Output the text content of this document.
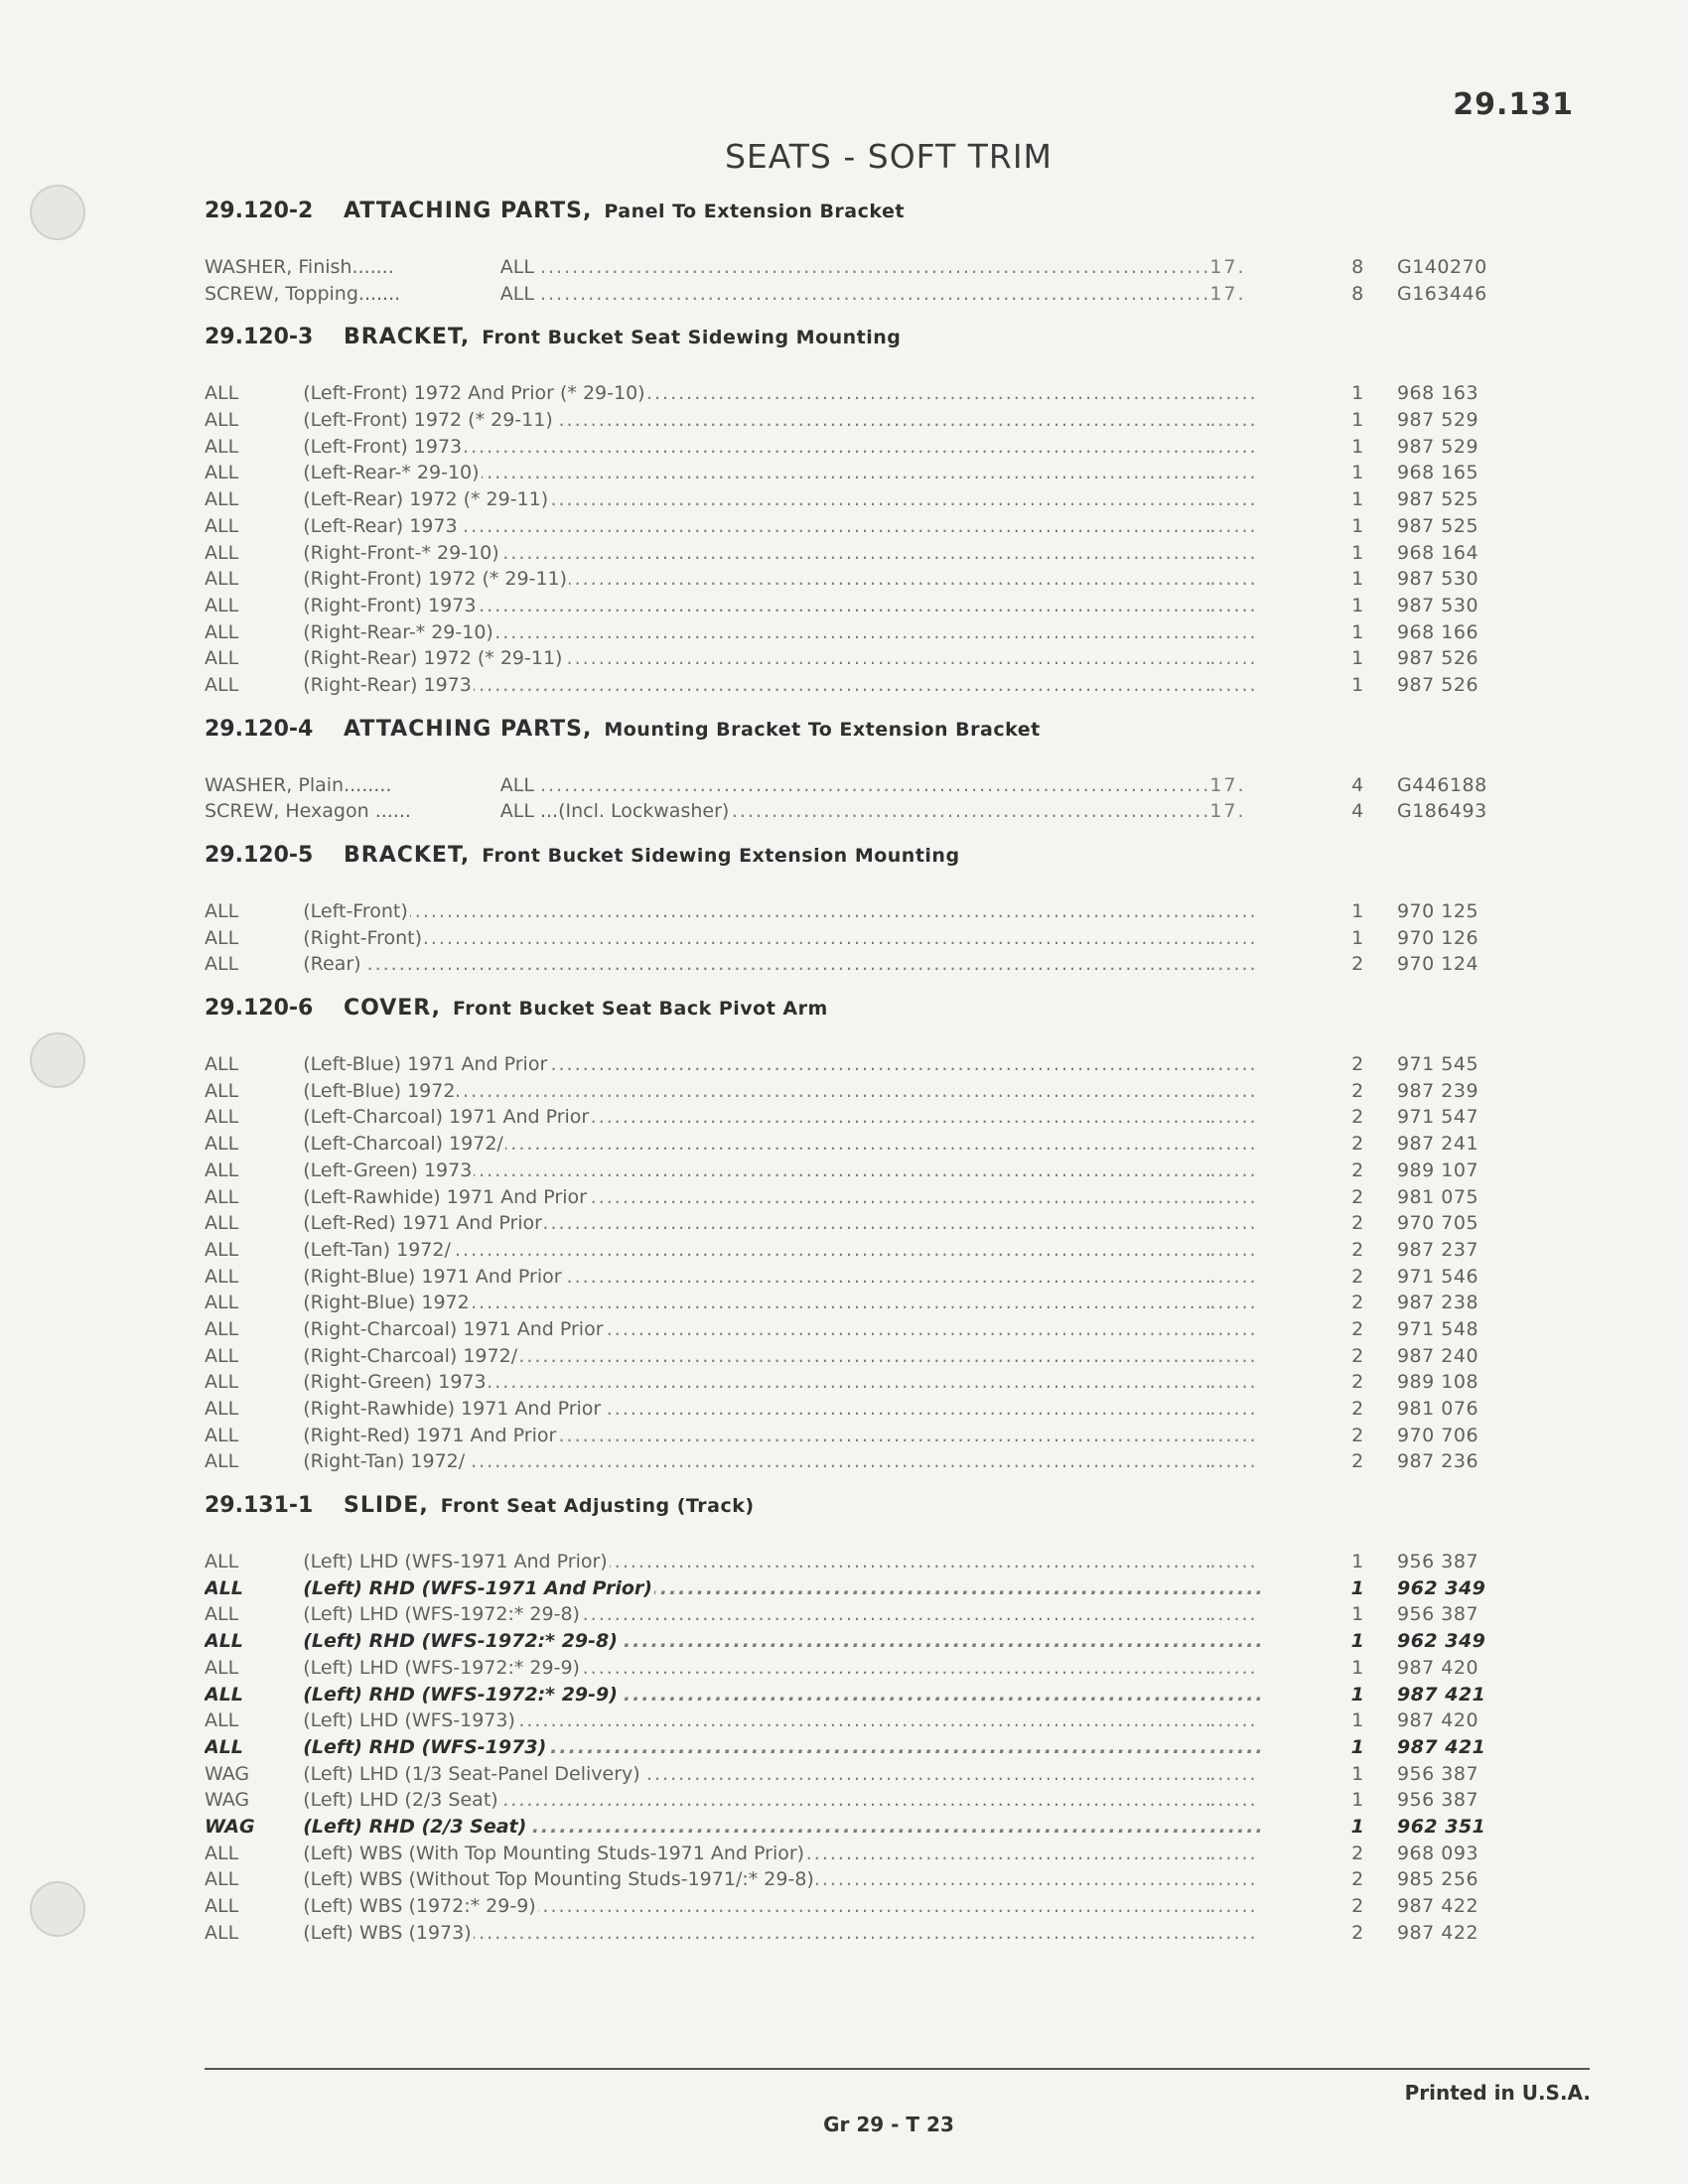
29.131
SEATS - SOFT TRIM
29.120-2	ATTACHING PARTS, Panel To Extension Bracket
WASHER, Finish.......	ALL .....	17.	8	G140270
SCREW, Topping.......	ALL .....	17.	8	G163446
29.120-3	BRACKET, Front Bucket Seat Sidewing Mounting
ALL	(Left-Front) 1972 And Prior (* 29-10) .....	......	1	968 163
ALL	(Left-Front) 1972 (* 29-11) .....	......	1	987 529
ALL	(Left-Front) 1973 .....	......	1	987 529
ALL	(Left-Rear-* 29-10) .....	......	1	968 165
ALL	(Left-Rear) 1972 (* 29-11) .....	......	1	987 525
ALL	(Left-Rear) 1973 .....	......	1	987 525
ALL	(Right-Front-* 29-10) .....	......	1	968 164
ALL	(Right-Front) 1972 (* 29-11) .....	......	1	987 530
ALL	(Right-Front) 1973 .....	......	1	987 530
ALL	(Right-Rear-* 29-10) .....	......	1	968 166
ALL	(Right-Rear) 1972 (* 29-11) .....	......	1	987 526
ALL	(Right-Rear) 1973 .....	......	1	987 526
29.120-4	ATTACHING PARTS, Mounting Bracket To Extension Bracket
WASHER, Plain........	ALL .....	17.	4	G446188
SCREW, Hexagon ......	ALL ...(Incl. Lockwasher) .....	17.	4	G186493
29.120-5	BRACKET, Front Bucket Sidewing Extension Mounting
ALL	(Left-Front) .....	......	1	970 125
ALL	(Right-Front) .....	......	1	970 126
ALL	(Rear) .....	......	2	970 124
29.120-6	COVER, Front Bucket Seat Back Pivot Arm
ALL	(Left-Blue) 1971 And Prior .....	......	2	971 545
ALL	(Left-Blue) 1972 .....	......	2	987 239
ALL	(Left-Charcoal) 1971 And Prior .....	......	2	971 547
ALL	(Left-Charcoal) 1972/ .....	......	2	987 241
ALL	(Left-Green) 1973 .....	......	2	989 107
ALL	(Left-Rawhide) 1971 And Prior .....	......	2	981 075
ALL	(Left-Red) 1971 And Prior .....	......	2	970 705
ALL	(Left-Tan) 1972/ .....	......	2	987 237
ALL	(Right-Blue) 1971 And Prior .....	......	2	971 546
ALL	(Right-Blue) 1972 .....	......	2	987 238
ALL	(Right-Charcoal) 1971 And Prior .....	......	2	971 548
ALL	(Right-Charcoal) 1972/ .....	......	2	987 240
ALL	(Right-Green) 1973 .....	......	2	989 108
ALL	(Right-Rawhide) 1971 And Prior .....	......	2	981 076
ALL	(Right-Red) 1971 And Prior .....	......	2	970 706
ALL	(Right-Tan) 1972/ .....	......	2	987 236
29.131-1	SLIDE, Front Seat Adjusting (Track)
ALL	(Left) LHD (WFS-1971 And Prior) .....	......	1	956 387
ALL	(Left) RHD (WFS-1971 And Prior) .....	......	1	962 349
ALL	(Left) LHD (WFS-1972:* 29-8) .....	......	1	956 387
ALL	(Left) RHD (WFS-1972:* 29-8) .....	......	1	962 349
ALL	(Left) LHD (WFS-1972:* 29-9) .....	......	1	987 420
ALL	(Left) RHD (WFS-1972:* 29-9) .....	......	1	987 421
ALL	(Left) LHD (WFS-1973) .....	......	1	987 420
ALL	(Left) RHD (WFS-1973) .....	......	1	987 421
WAG	(Left) LHD (1/3 Seat-Panel Delivery) .....	......	1	956 387
WAG	(Left) LHD (2/3 Seat) .....	......	1	956 387
WAG	(Left) RHD (2/3 Seat) .....	......	1	962 351
ALL	(Left) WBS (With Top Mounting Studs-1971 And Prior) .....	......	2	968 093
ALL	(Left) WBS (Without Top Mounting Studs-1971/:* 29-8) .....	......	2	985 256
ALL	(Left) WBS (1972:* 29-9) .....	......	2	987 422
ALL	(Left) WBS (1973) .....	......	2	987 422
Printed in U.S.A.
Gr 29 - T 23
